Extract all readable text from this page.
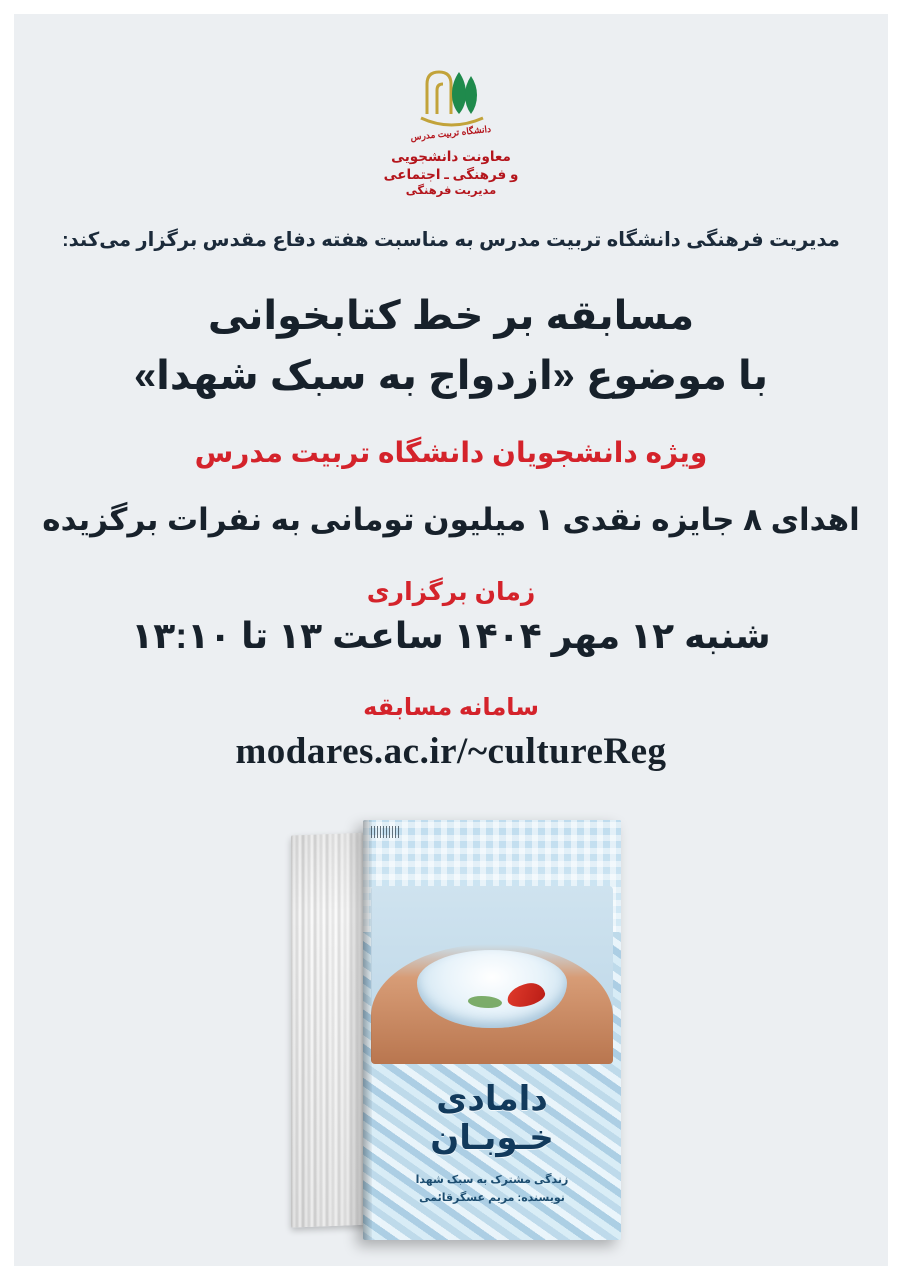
دانشگاه تربیت مدرس
معاونت دانشجویی
و فرهنگی ـ اجتماعی
مدیریت فرهنگی
مدیریت فرهنگی دانشگاه تربیت مدرس به مناسبت هفته دفاع مقدس برگزار می‌کند:
مسابقه بر خط کتابخوانی
با موضوع «ازدواج به سبک شهدا»
ویژه دانشجویان دانشگاه تربیت مدرس
اهدای ۸ جایزه نقدی ۱ میلیون تومانی به نفرات برگزیده
زمان برگزاری
شنبه ۱۲ مهر ۱۴۰۴ ساعت ۱۳ تا ۱۳:۱۰
سامانه مسابقه
modares.ac.ir/~cultureReg
دامادی
خـوبـان
زندگی مشترک به سبک شهدا
نویسنده: مریم عسگرقائمی
